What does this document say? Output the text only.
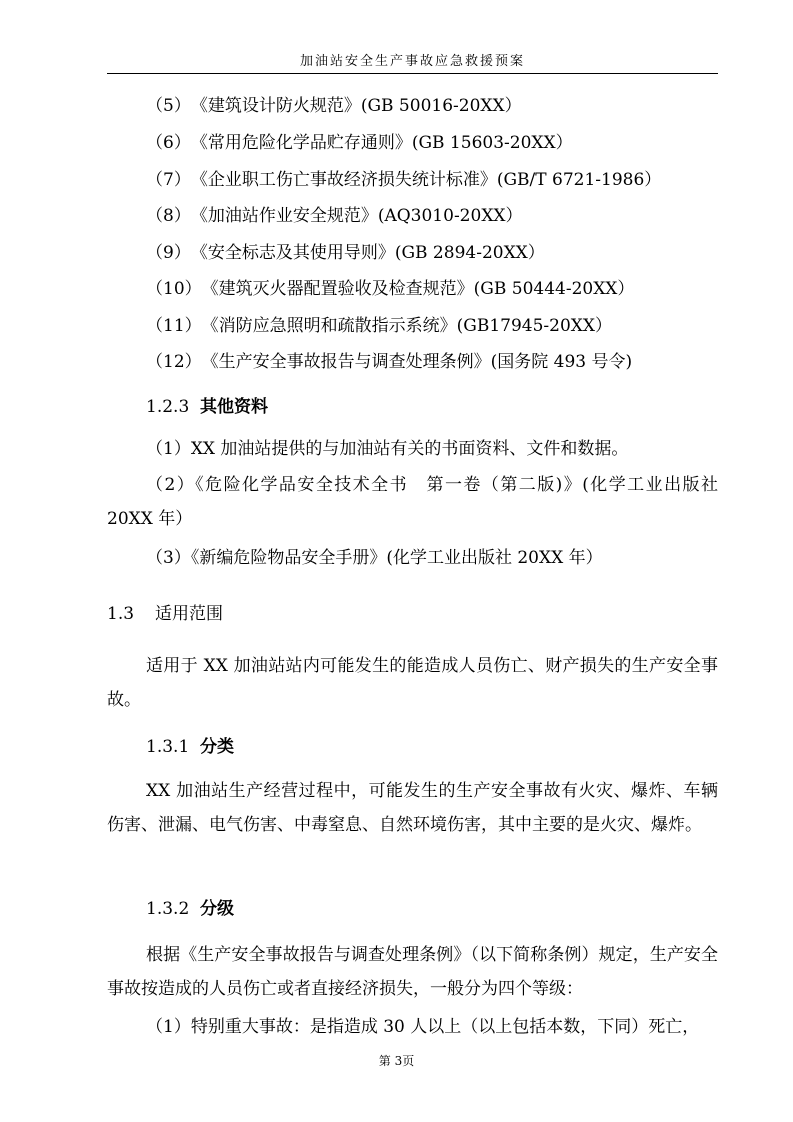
加油站安全生产事故应急救援预案
（5）《建筑设计防火规范》(GB 50016-20XX）
（6）《常用危险化学品贮存通则》(GB 15603-20XX）
（7）《企业职工伤亡事故经济损失统计标准》(GB/T 6721-1986）
（8）《加油站作业安全规范》(AQ3010-20XX）
（9）《安全标志及其使用导则》(GB 2894-20XX）
（10）《建筑灭火器配置验收及检查规范》(GB 50444-20XX）
（11）《消防应急照明和疏散指示系统》(GB17945-20XX）
（12）《生产安全事故报告与调查处理条例》(国务院 493 号令)
1.2.3 其他资料
（1）XX 加油站提供的与加油站有关的书面资料、文件和数据。
（2）《危险化学品安全技术全书　第一卷（第二版)》(化学工业出版社 20XX 年）
（3）《新编危险物品安全手册》(化学工业出版社 20XX 年）
1.3 适用范围
适用于 XX 加油站站内可能发生的能造成人员伤亡、财产损失的生产安全事故。
1.3.1 分类
XX 加油站生产经营过程中，可能发生的生产安全事故有火灾、爆炸、车辆伤害、泄漏、电气伤害、中毒窒息、自然环境伤害，其中主要的是火灾、爆炸。
1.3.2 分级
根据《生产安全事故报告与调查处理条例》（以下简称条例）规定，生产安全事故按造成的人员伤亡或者直接经济损失，一般分为四个等级：
（1）特别重大事故：是指造成 30 人以上（以上包括本数，下同）死亡，
第 3页
